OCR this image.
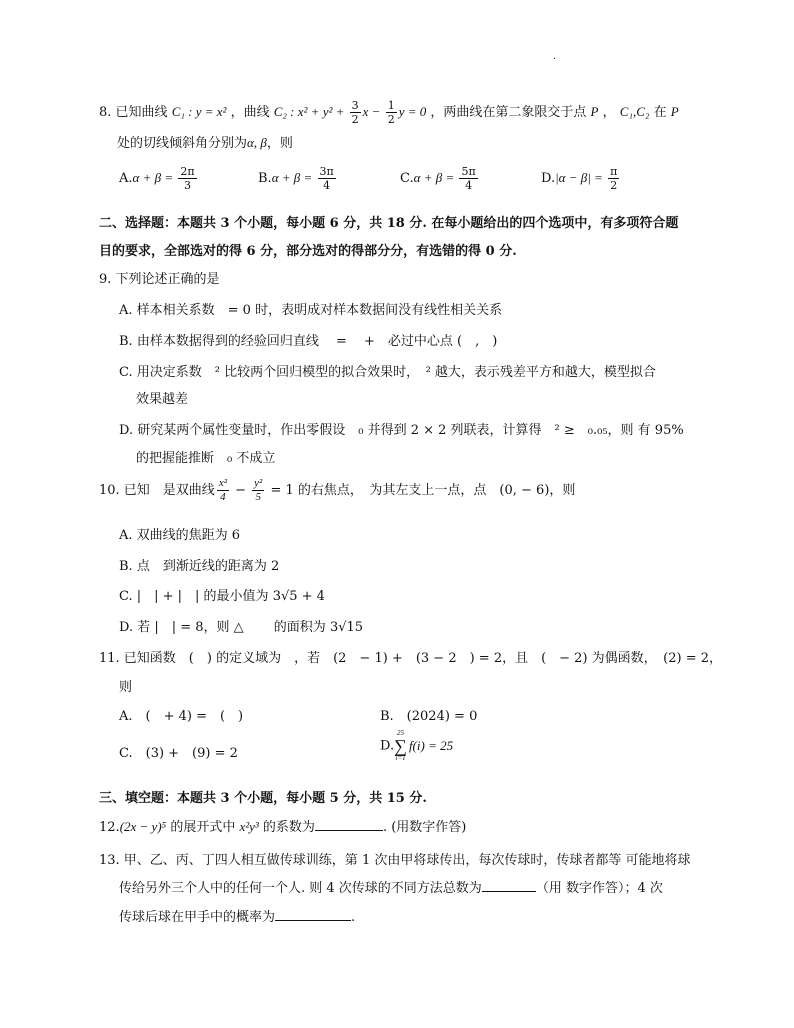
.
8. 已知曲线 C₁ : y = x² ，曲线 C₂ : $x^2 + y^2 + \frac{3}{2}$ $x - \frac{1}{2}$ y = 0 ，两曲线在第二象限交于点 P ， C₁,C₂ 在 P
处的切线倾斜角分别为α, β，则
$A.\alpha + \beta = \frac{2\pi}{3}$	$B.\alpha + \beta = \frac{3\pi}{4}$	$C.\alpha + \beta = \frac{5\pi}{4}$	$D.|\alpha - \beta| = \frac{\pi}{2}$
二、选择题：本题共 3 个小题，每小题 6 分，共 18 分. 在每小题给出的四个选项中，有多项符合题
目的要求，全部选对的得 6 分，部分选对的得部分分，有选错的得 0 分.
9. 下列论述正确的是
A. 样本相关系数　= 0 时，表明成对样本数据间没有线性相关关系
B. 由样本数据得到的经验回归直线　 =　 +　必过中心点 (　,　)
C. 用决定系数　² 比较两个回归模型的拟合效果时，　² 越大，表示残差平方和越大，模型拟合
效果越差
D. 研究某两个属性变量时，作出零假设　₀ 并得到 2 × 2 列联表，计算得　² ≥　₀.₀₅，则 有 95%
的把握能推断　₀ 不成立
10. 已知　是双曲线 $\frac{\text{x²}}{4} - \frac{\text{y²}}{5} = 1$ 的右焦点，　为其左支上一点，点　(0, − 6)，则
A. 双曲线的焦距为 6
B. 点　到渐近线的距离为 2
C. |　| + |　| 的最小值为 3√5 + 4
D. 若 |　| = 8，则 △　　 的面积为 3√15
11. 已知函数　(　) 的定义域为　，若　(2　− 1) +　(3 − 2　) = 2，且　(　− 2) 为偶函数，　(2) = 2，
则
A.　(　+ 4) =　(　)	B.　(2024) = 0
C.　(3) +　(9) = 2	D.
25
∑
i=1
f(i) = 25
三、填空题：本题共 3 个小题，每小题 5 分，共 15 分.
12.(2x − y)⁵ 的展开式中 x²y³ 的系数为	. (用数字作答)
13. 甲、乙、丙、丁四人相互做传球训练，第 1 次由甲将球传出，每次传球时，传球者都等 可能地将球
传给另外三个人中的任何一个人. 则 4 次传球的不同方法总数为	（用 数字作答）；4 次
传球后球在甲手中的概率为	.
